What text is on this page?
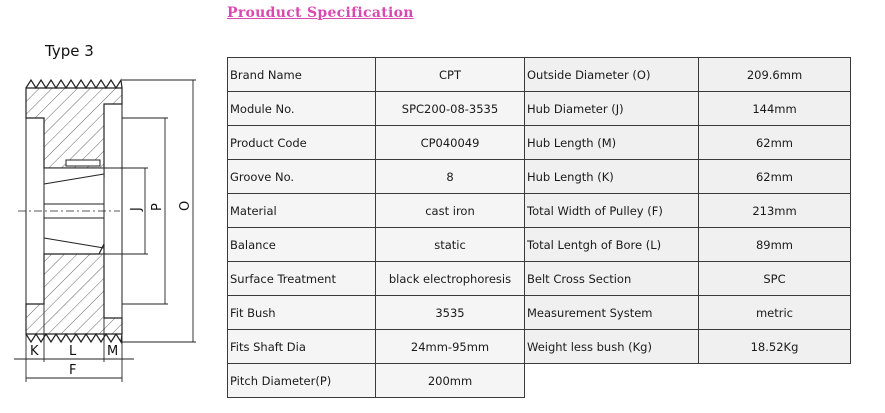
Prouduct Specification
Type 3
J P O
K L M
F
Brand Name	CPT	Outside Diameter (O)	209.6mm
Module No.	SPC200-08-3535	Hub Diameter (J)	144mm
Product Code	CP040049	Hub Length (M)	62mm
Groove No.	8	Hub Length (K)	62mm
Material	cast iron	Total Width of Pulley (F)	213mm
Balance	static	Total Lentgh of Bore (L)	89mm
Surface Treatment	black electrophoresis	Belt Cross Section	SPC
Fit Bush	3535	Measurement System	metric
Fits Shaft Dia	24mm-95mm	Weight less bush (Kg)	18.52Kg
Pitch Diameter(P)	200mm		
